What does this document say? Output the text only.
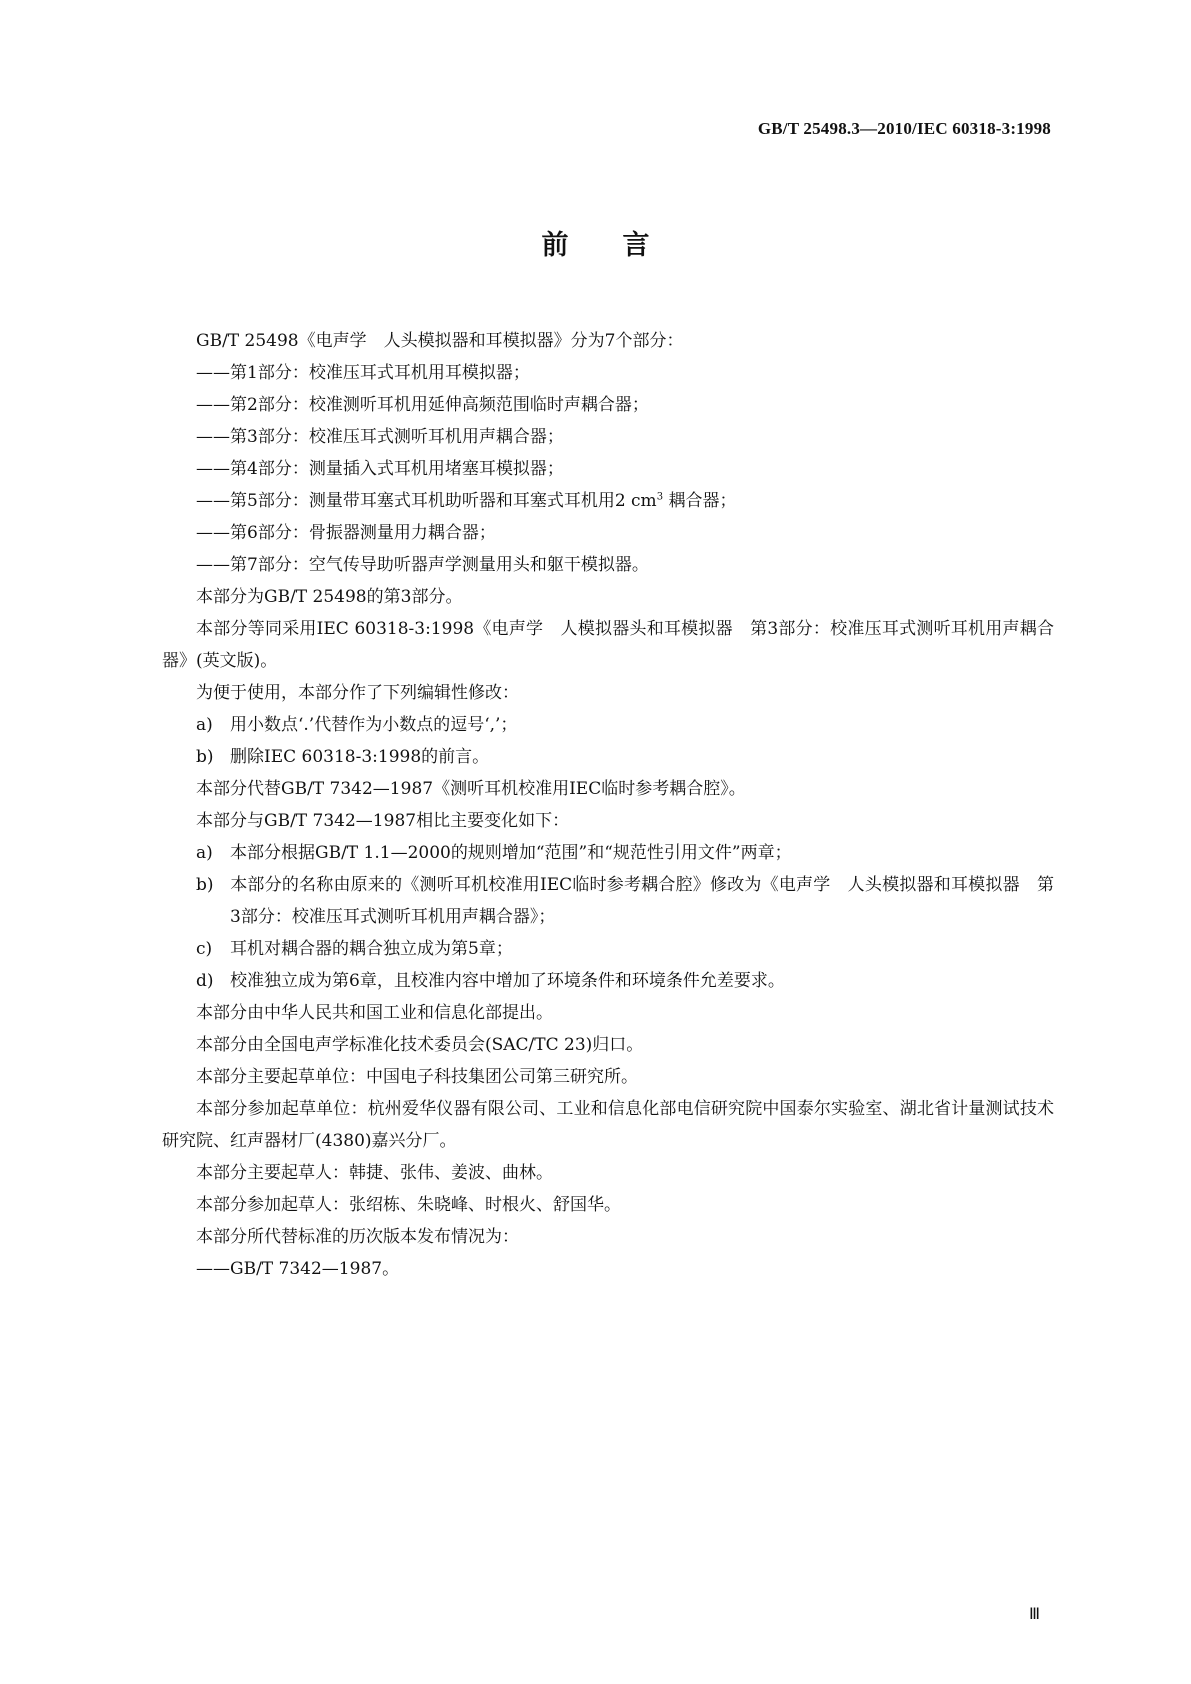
GB/T 25498.3—2010/IEC 60318-3:1998
前 言

GB/T 25498《电声学　人头模拟器和耳模拟器》分为7个部分：

——第1部分：校准压耳式耳机用耳模拟器；

——第2部分：校准测听耳机用延伸高频范围临时声耦合器；

——第3部分：校准压耳式测听耳机用声耦合器；

——第4部分：测量插入式耳机用堵塞耳模拟器；

——第5部分：测量带耳塞式耳机助听器和耳塞式耳机用2 $cm^3$ 耦合器；

——第6部分：骨振器测量用力耦合器；

——第7部分：空气传导助听器声学测量用头和躯干模拟器。

本部分为GB/T 25498的第3部分。

本部分等同采用IEC 60318-3:1998《电声学　人模拟器头和耳模拟器　第3部分：校准压耳式测听耳机用声耦合器》(英文版)。

为便于使用，本部分作了下列编辑性修改：

a) 用小数点‘.’代替作为小数点的逗号‘,’；

b) 删除IEC 60318-3:1998的前言。

本部分代替GB/T 7342—1987《测听耳机校准用IEC临时参考耦合腔》。

本部分与GB/T 7342—1987相比主要变化如下：

a) 本部分根据GB/T 1.1—2000的规则增加“范围”和“规范性引用文件”两章；

b) 本部分的名称由原来的《测听耳机校准用IEC临时参考耦合腔》修改为《电声学　人头模拟器和耳模拟器　第3部分：校准压耳式测听耳机用声耦合器》；

c) 耳机对耦合器的耦合独立成为第5章；

d) 校准独立成为第6章，且校准内容中增加了环境条件和环境条件允差要求。

本部分由中华人民共和国工业和信息化部提出。

本部分由全国电声学标准化技术委员会(SAC/TC 23)归口。

本部分主要起草单位：中国电子科技集团公司第三研究所。

本部分参加起草单位：杭州爱华仪器有限公司、工业和信息化部电信研究院中国泰尔实验室、湖北省计量测试技术研究院、红声器材厂(4380)嘉兴分厂。

本部分主要起草人：韩捷、张伟、姜波、曲林。

本部分参加起草人：张绍栋、朱晓峰、时根火、舒国华。

本部分所代替标准的历次版本发布情况为：

——GB/T 7342—1987。

Ⅲ
